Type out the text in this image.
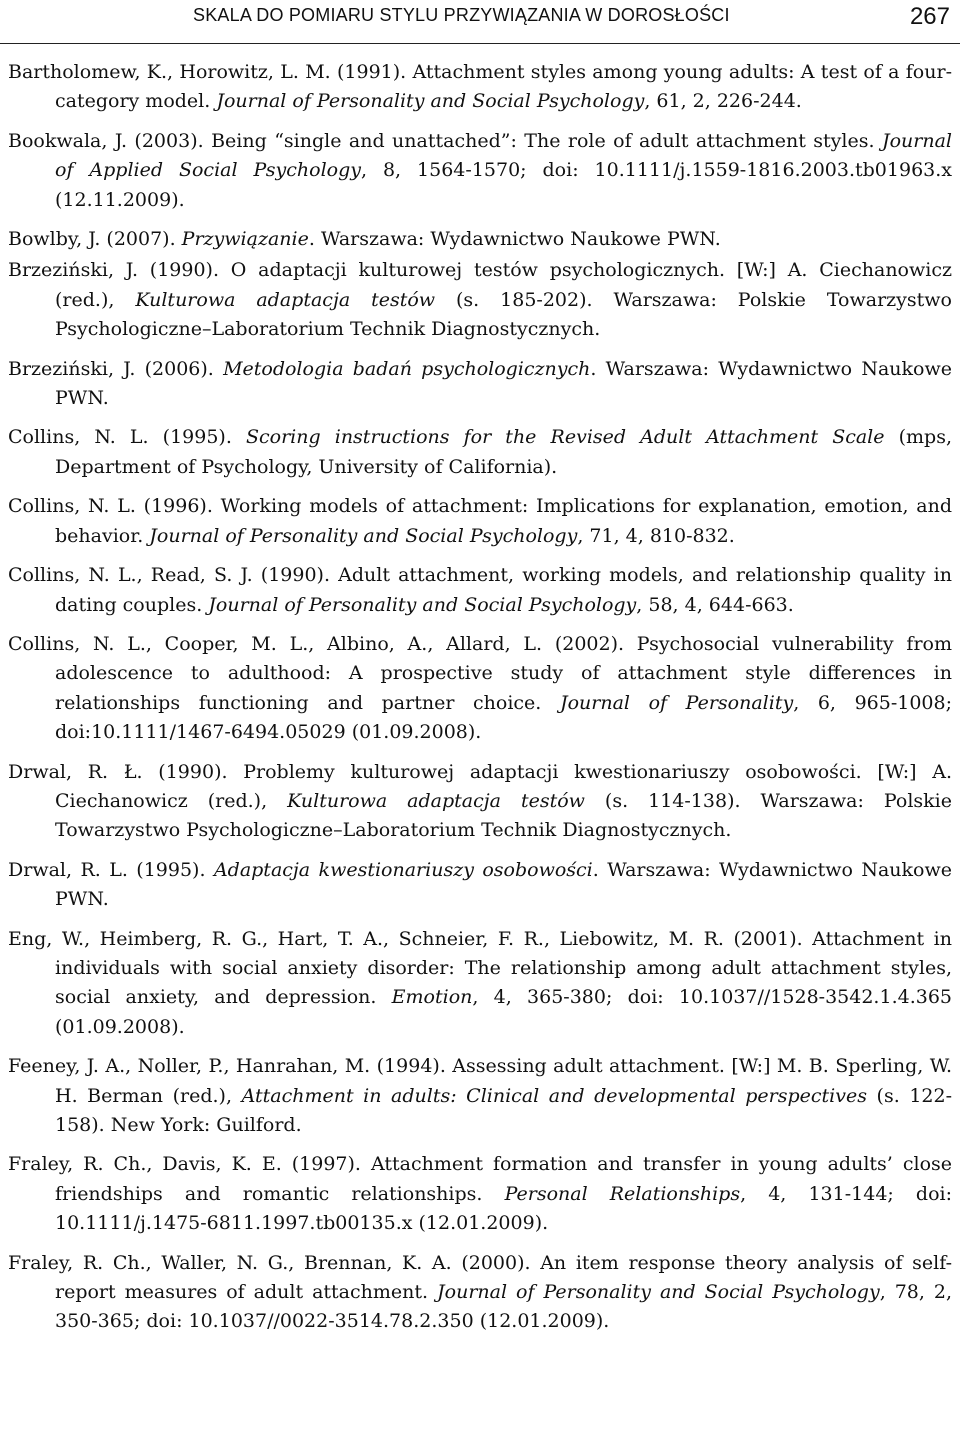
SKALA DO POMIARU STYLU PRZYWIĄZANIA W DOROSŁOŚCI	267

Bartholomew, K., Horowitz, L. M. (1991). Attachment styles among young adults: A test of a four-category model. Journal of Personality and Social Psychology, 61, 2, 226-244.

Bookwala, J. (2003). Being “single and unattached”: The role of adult attachment styles. Journal of Applied Social Psychology, 8, 1564-1570; doi: 10.1111/j.1559-1816.2003.tb01963.x (12.11.2009).

Bowlby, J. (2007). Przywiązanie. Warszawa: Wydawnictwo Naukowe PWN.

Brzeziński, J. (1990). O adaptacji kulturowej testów psychologicznych. [W:] A. Ciechanowicz (red.), Kulturowa adaptacja testów (s. 185-202). Warszawa: Polskie Towarzystwo Psychologiczne–Laboratorium Technik Diagnostycznych.

Brzeziński, J. (2006). Metodologia badań psychologicznych. Warszawa: Wydawnictwo Naukowe PWN.

Collins, N. L. (1995). Scoring instructions for the Revised Adult Attachment Scale (mps, Department of Psychology, University of California).

Collins, N. L. (1996). Working models of attachment: Implications for explanation, emotion, and behavior. Journal of Personality and Social Psychology, 71, 4, 810-832.

Collins, N. L., Read, S. J. (1990). Adult attachment, working models, and relationship quality in dating couples. Journal of Personality and Social Psychology, 58, 4, 644-663.

Collins, N. L., Cooper, M. L., Albino, A., Allard, L. (2002). Psychosocial vulnerability from adolescence to adulthood: A prospective study of attachment style differences in relationships functioning and partner choice. Journal of Personality, 6, 965-1008; doi:10.1111/1467-6494.05029 (01.09.2008).

Drwal, R. Ł. (1990). Problemy kulturowej adaptacji kwestionariuszy osobowości. [W:] A. Ciechanowicz (red.), Kulturowa adaptacja testów (s. 114-138). Warszawa: Polskie Towarzystwo Psychologiczne–Laboratorium Technik Diagnostycznych.

Drwal, R. L. (1995). Adaptacja kwestionariuszy osobowości. Warszawa: Wydawnictwo Naukowe PWN.

Eng, W., Heimberg, R. G., Hart, T. A., Schneier, F. R., Liebowitz, M. R. (2001). Attachment in individuals with social anxiety disorder: The relationship among adult attachment styles, social anxiety, and depression. Emotion, 4, 365-380; doi: 10.1037//1528-3542.1.4.365 (01.09.2008).

Feeney, J. A., Noller, P., Hanrahan, M. (1994). Assessing adult attachment. [W:] M. B. Sperling, W. H. Berman (red.), Attachment in adults: Clinical and developmental perspectives (s. 122-158). New York: Guilford.

Fraley, R. Ch., Davis, K. E. (1997). Attachment formation and transfer in young adults’ close friendships and romantic relationships. Personal Relationships, 4, 131-144; doi: 10.1111/j.1475-6811.1997.tb00135.x (12.01.2009).

Fraley, R. Ch., Waller, N. G., Brennan, K. A. (2000). An item response theory analysis of self-report measures of adult attachment. Journal of Personality and Social Psychology, 78, 2, 350-365; doi: 10.1037//0022-3514.78.2.350 (12.01.2009).
